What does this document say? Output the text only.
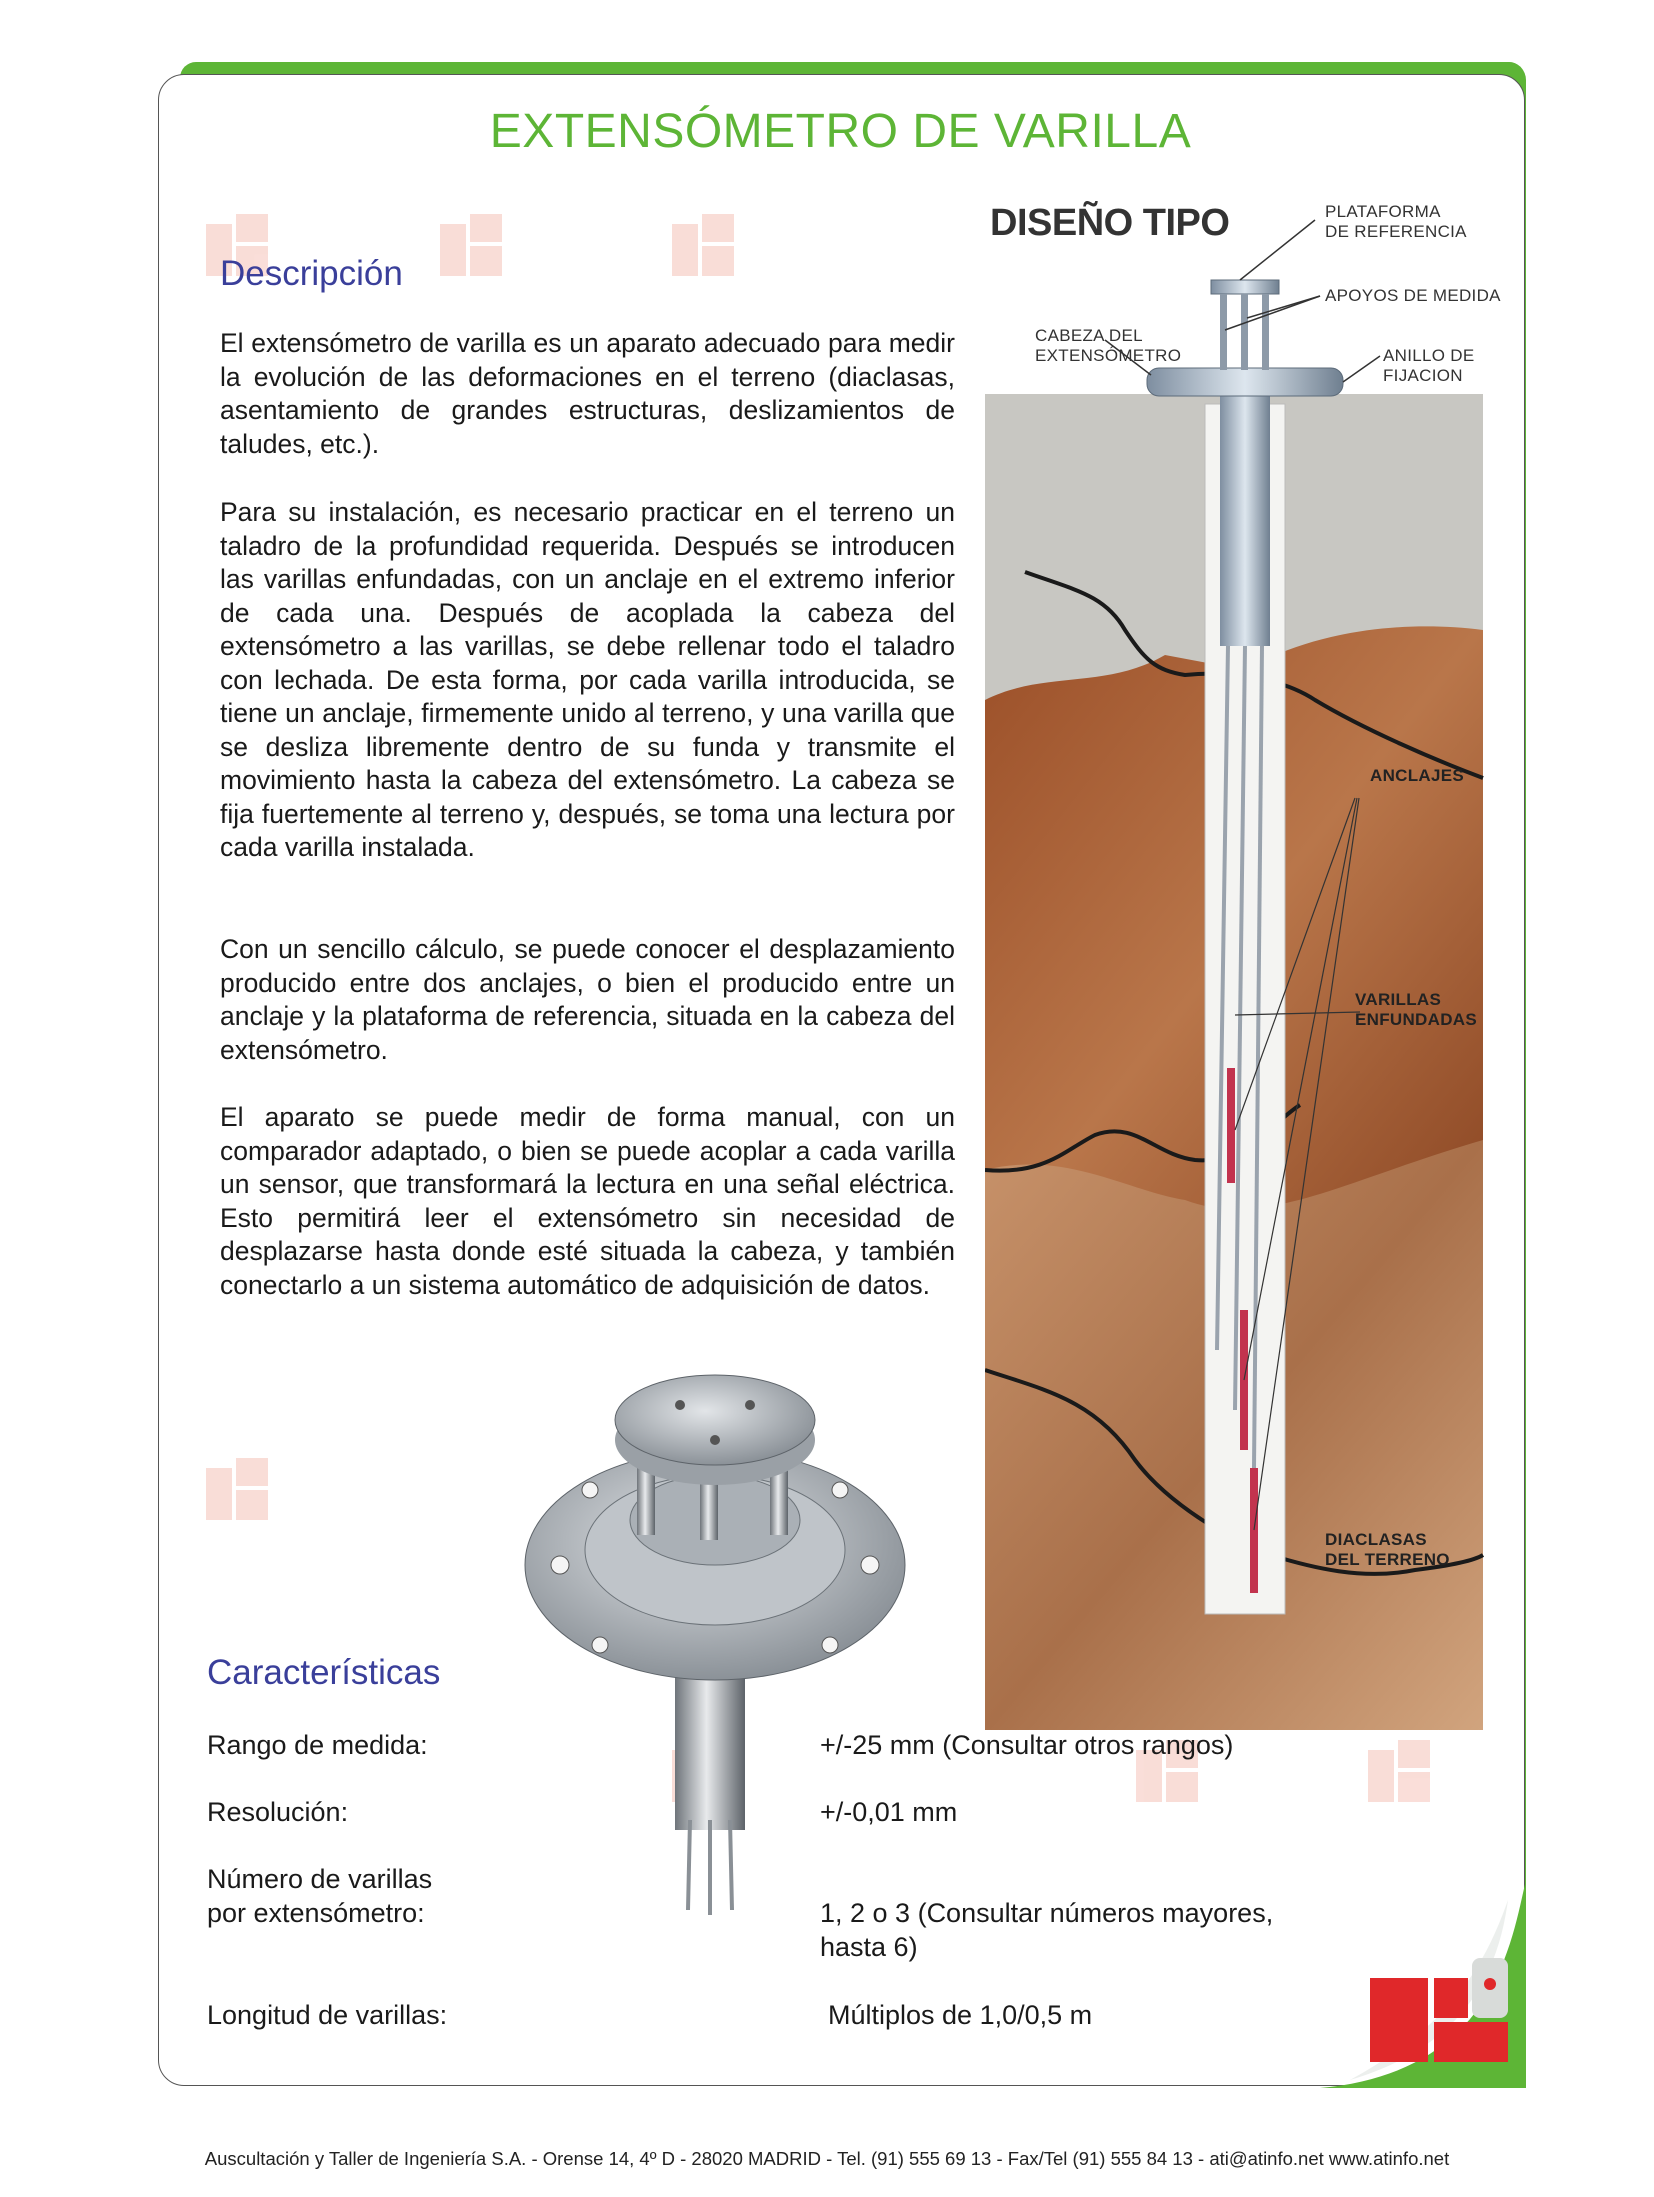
EXTENSÓMETRO DE VARILLA
Descripción
El extensómetro de varilla es un aparato adecuado para medir la evolución de las deformaciones en el terreno (diaclasas, asentamiento de grandes estructuras, deslizamientos de taludes, etc.).
Para su instalación, es necesario practicar en el terreno un taladro de la profundidad requerida. Después se introducen las varillas enfundadas, con un anclaje en el extremo inferior de cada una. Después de acoplada la cabeza del extensómetro a las varillas, se debe rellenar todo el taladro con lechada. De esta forma, por cada varilla introducida, se tiene un anclaje, firmemente unido al terreno, y una varilla que se desliza libremente dentro de su funda y transmite el movimiento hasta la cabeza del extensómetro. La cabeza se fija fuertemente al terreno y, después, se toma una lectura por cada varilla instalada.
Con un sencillo cálculo, se puede conocer el desplazamiento producido entre dos anclajes, o bien el producido entre un anclaje y la plataforma de referencia, situada en la cabeza del extensómetro.
El aparato se puede medir de forma manual, con un comparador adaptado, o bien se puede acoplar a cada varilla un sensor, que transformará la lectura en una señal eléctrica. Esto permitirá leer el extensómetro sin necesidad de desplazarse hasta donde esté situada la cabeza, y también conectarlo a un sistema automático de adquisición de datos.
DISEÑO TIPO	PLATAFORMA
DE REFERENCIA
APOYOS DE MEDIDA
CABEZA DEL
EXTENSÓMETRO	ANILLO DE FIJACION
ANCLAJES
VARILLAS
ENFUNDADAS
DIACLASAS
DEL TERRENO
Características
Rango de medida:	+/-25 mm (Consultar otros rangos)
Resolución:	+/-0,01 mm
Número de varillas
por extensómetro:	1, 2 o 3 (Consultar números mayores,
hasta 6)
Longitud de varillas:	Múltiplos de 1,0/0,5 m
Auscultación y Taller de Ingeniería S.A. - Orense 14, 4º D - 28020 MADRID - Tel. (91) 555 69 13 - Fax/Tel (91) 555 84 13 - ati@atinfo.net www.atinfo.net
